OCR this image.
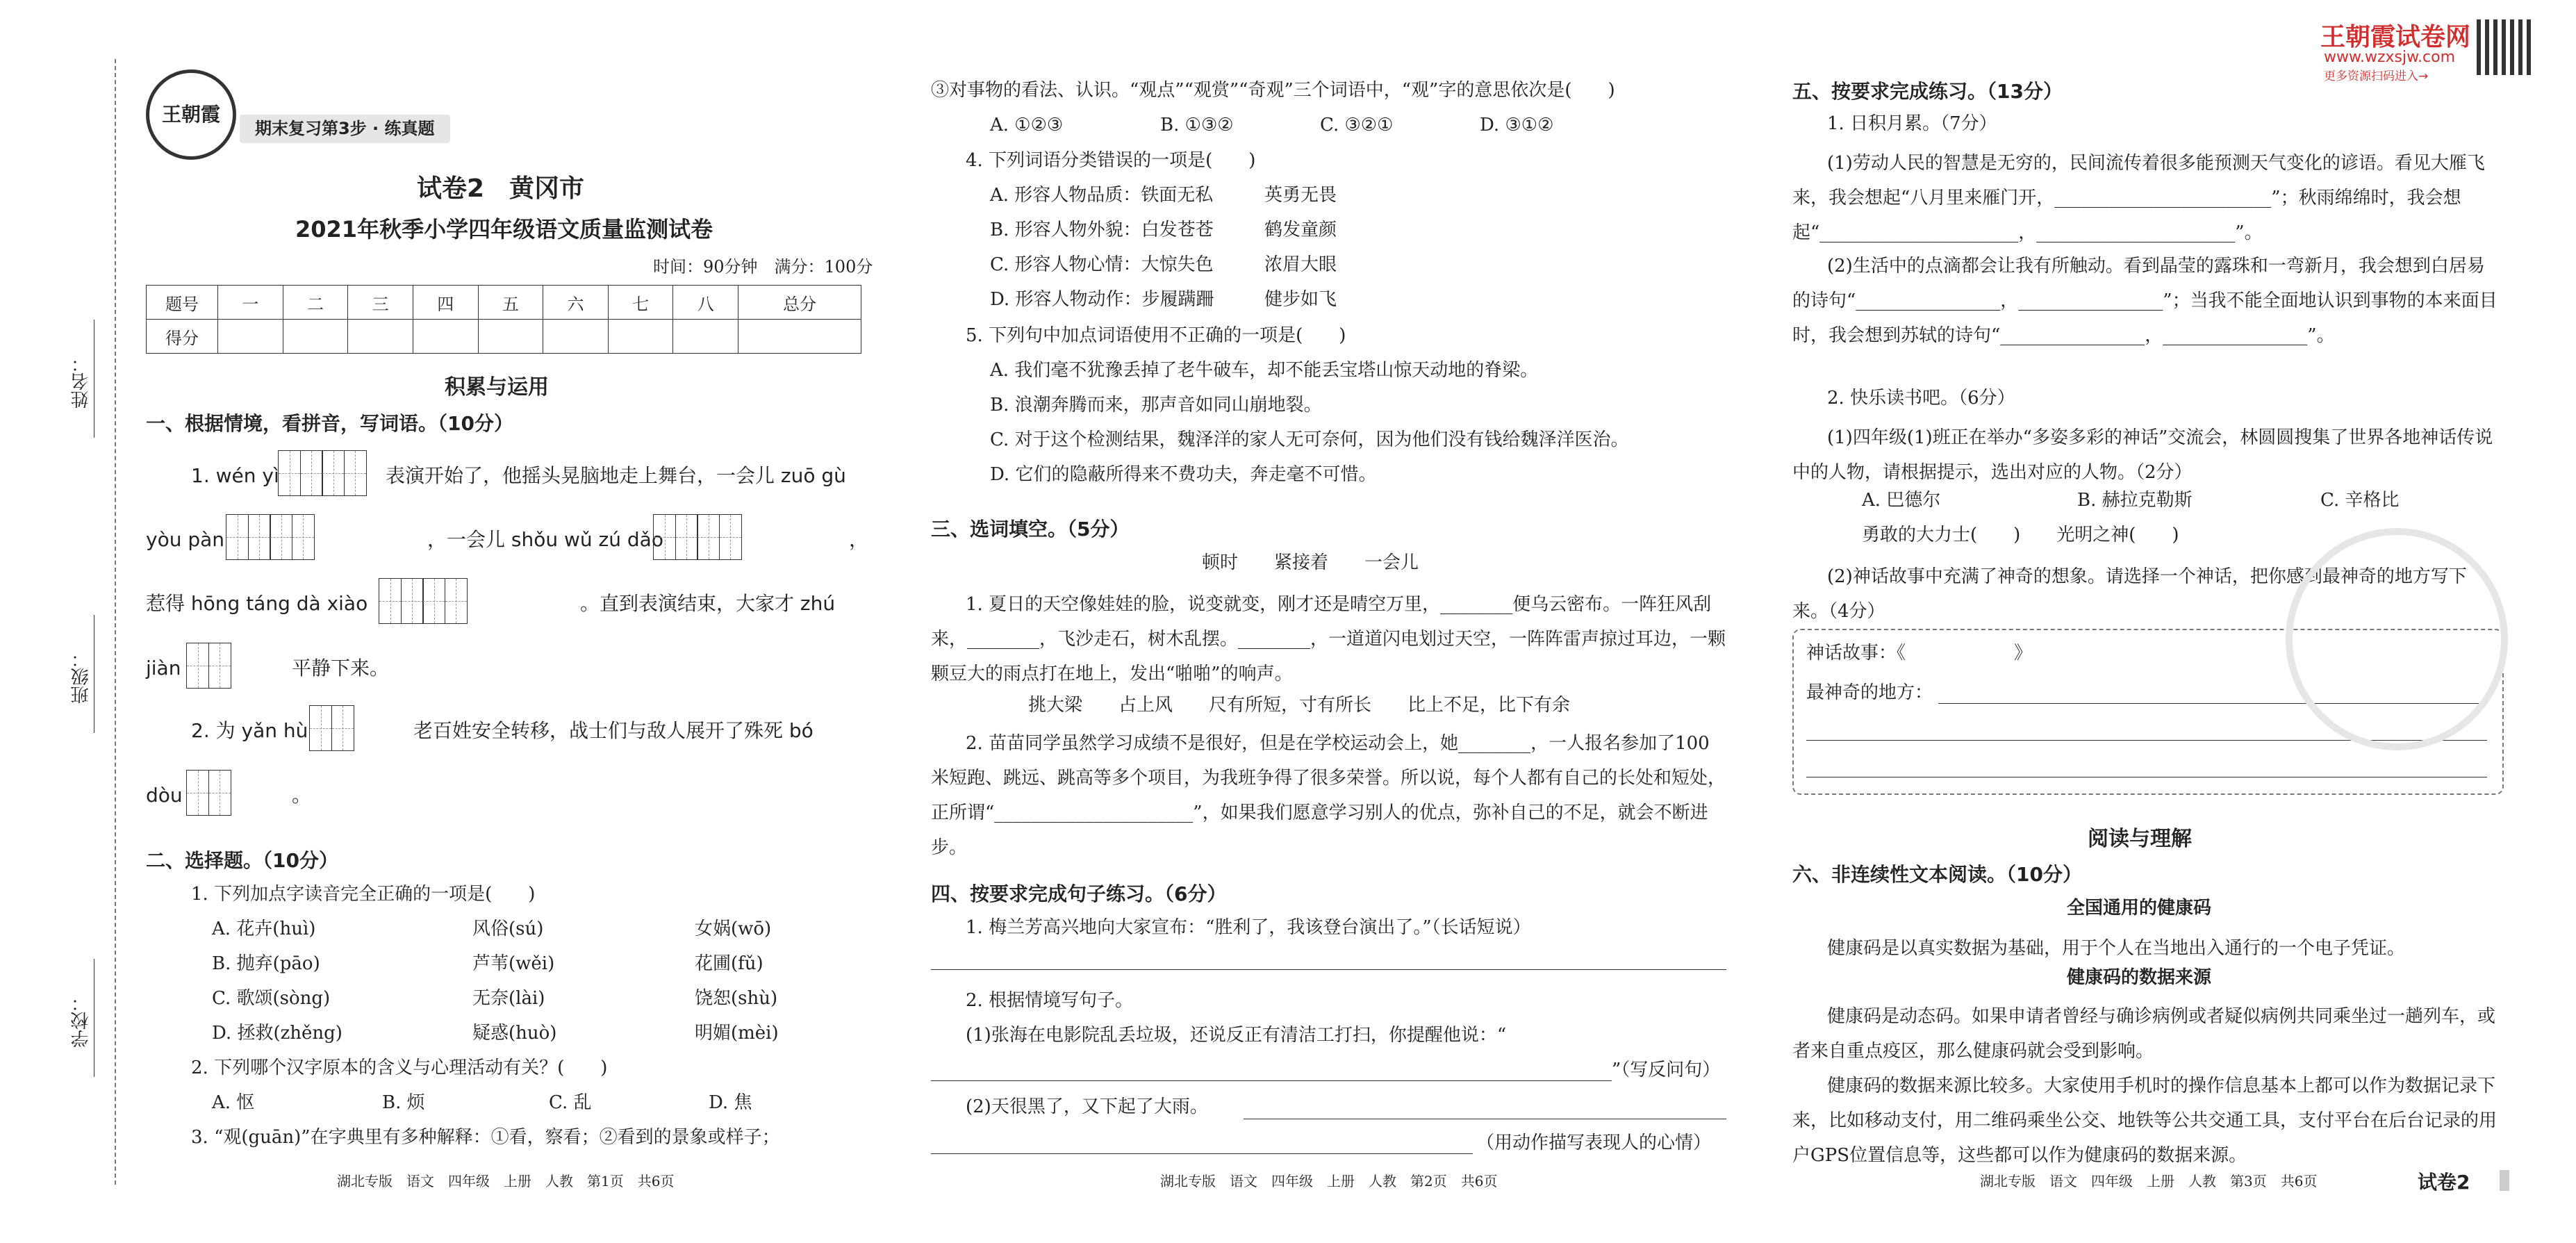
姓名：
班级：
学校：
王朝霞
期末复习第3步 · 练真题
王朝霞试卷网
www.wzxsjw.com
更多资源扫码进入→
试卷2　黄冈市
2021年秋季小学四年级语文质量监测试卷
时间：90分钟　满分：100分
题号	一	二	三	四	五	六	七	八	总分
得分									
积累与运用
一、根据情境，看拼音，写词语。（10分）
1. wén yì	表演开始了，他摇头晃脑地走上舞台，一会儿 zuō gù
yòu pàn	，一会儿 shǒu wǔ zú dǎo	，
惹得 hōng táng dà xiào	。直到表演结束，大家才 zhú
jiàn	平静下来。
2. 为 yǎn hù	老百姓安全转移，战士们与敌人展开了殊死 bó
dòu	。
二、选择题。（10分）
1. 下列加点字读音完全正确的一项是(　　)
A. 花卉(huì)	风俗(sú)	女娲(wō)
B. 抛弃(pāo)	芦苇(wěi)	花圃(fǔ)
C. 歌颂(sòng)	无奈(lài)	饶恕(shù)
D. 拯救(zhěng)	疑惑(huò)	明媚(mèi)
2. 下列哪个汉字原本的含义与心理活动有关？(　　)
A. 怄	B. 烦	C. 乱	D. 焦
3. “观(guān)”在字典里有多种解释：①看，察看；②看到的景象或样子；
湖北专版　语文　四年级　上册　人教　第1页　共6页
③对事物的看法、认识。“观点”“观赏”“奇观”三个词语中，“观”字的意思依次是(　　)
A. ①②③	B. ①③②	C. ③②①	D. ③①②
4. 下列词语分类错误的一项是(　　)
A. 形容人物品质：铁面无私	英勇无畏
B. 形容人物外貌：白发苍苍	鹤发童颜
C. 形容人物心情：大惊失色	浓眉大眼
D. 形容人物动作：步履蹒跚	健步如飞
5. 下列句中加点词语使用不正确的一项是(　　)
A. 我们毫不犹豫丢掉了老牛破车，却不能丢宝塔山惊天动地的脊梁。
B. 浪潮奔腾而来，那声音如同山崩地裂。
C. 对于这个检测结果，魏泽洋的家人无可奈何，因为他们没有钱给魏泽洋医治。
D. 它们的隐蔽所得来不费功夫，奔走毫不可惜。
三、选词填空。（5分）
顿时　　紧接着　　一会儿
1. 夏日的天空像娃娃的脸，说变就变，刚才还是晴空万里，________便乌云密布。一阵狂风刮来，________，飞沙走石，树木乱摆。________，一道道闪电划过天空，一阵阵雷声掠过耳边，一颗颗豆大的雨点打在地上，发出“啪啪”的响声。
挑大梁　　占上风　　尺有所短，寸有所长　　比上不足，比下有余
2. 苗苗同学虽然学习成绩不是很好，但是在学校运动会上，她________，一人报名参加了100米短跑、跳远、跳高等多个项目，为我班争得了很多荣誉。所以说，每个人都有自己的长处和短处，正所谓“______________________”，如果我们愿意学习别人的优点，弥补自己的不足，就会不断进步。
四、按要求完成句子练习。（6分）
1. 梅兰芳高兴地向大家宣布：“胜利了，我该登台演出了。”（长话短说）
2. 根据情境写句子。
(1)张海在电影院乱丢垃圾，还说反正有清洁工打扫，你提醒他说：“
”（写反问句）
(2)天很黑了，又下起了大雨。
（用动作描写表现人的心情）
湖北专版　语文　四年级　上册　人教　第2页　共6页
五、按要求完成练习。（13分）
1. 日积月累。（7分）
(1)劳动人民的智慧是无穷的，民间流传着很多能预测天气变化的谚语。看见大雁飞来，我会想起“八月里来雁门开，________________________”；秋雨绵绵时，我会想起“______________________，______________________”。
(2)生活中的点滴都会让我有所触动。看到晶莹的露珠和一弯新月，我会想到白居易的诗句“________________，________________”；当我不能全面地认识到事物的本来面目时，我会想到苏轼的诗句“________________，________________”。
2. 快乐读书吧。（6分）
(1)四年级(1)班正在举办“多姿多彩的神话”交流会，林圆圆搜集了世界各地神话传说中的人物，请根据提示，选出对应的人物。（2分）
A. 巴德尔	B. 赫拉克勒斯	C. 辛格比
勇敢的大力士(　　)　　光明之神(　　)
(2)神话故事中充满了神奇的想象。请选择一个神话，把你感到最神奇的地方写下来。（4分）
神话故事：《　　　　　　》
最神奇的地方：
阅读与理解
六、非连续性文本阅读。（10分）
全国通用的健康码
健康码是以真实数据为基础，用于个人在当地出入通行的一个电子凭证。
健康码的数据来源
健康码是动态码。如果申请者曾经与确诊病例或者疑似病例共同乘坐过一趟列车，或者来自重点疫区，那么健康码就会受到影响。
健康码的数据来源比较多。大家使用手机时的操作信息基本上都可以作为数据记录下来，比如移动支付，用二维码乘坐公交、地铁等公共交通工具，支付平台在后台记录的用户GPS位置信息等，这些都可以作为健康码的数据来源。
湖北专版　语文　四年级　上册　人教　第3页　共6页	试卷2
